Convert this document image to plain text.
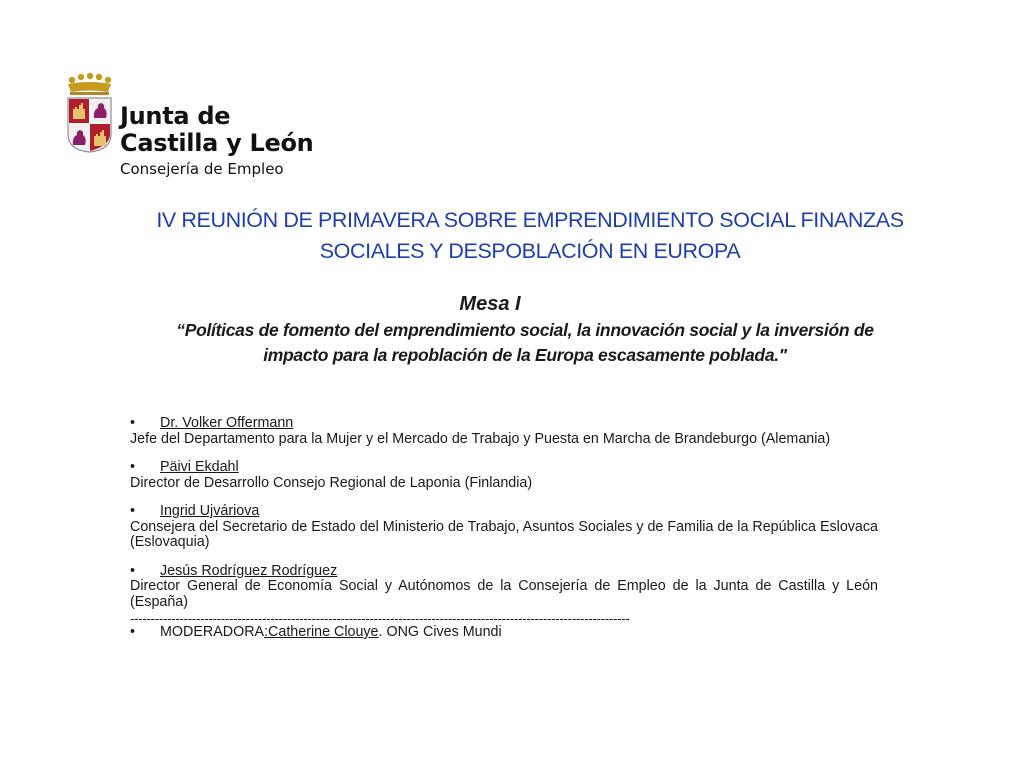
Junta de
Castilla y León
Consejería de Empleo
IV REUNIÓN DE PRIMAVERA SOBRE EMPRENDIMIENTO SOCIAL FINANZAS
SOCIALES Y DESPOBLACIÓN EN EUROPA
Mesa I
“Políticas de fomento del emprendimiento social, la innovación social y la inversión de
impacto para la repoblación de la Europa escasamente poblada."
•	Dr. Volker Offermann
Jefe del Departamento para la Mujer y el Mercado de Trabajo y Puesta en Marcha de Brandeburgo (Alemania)
•	Päivi Ekdahl
Director de Desarrollo Consejo Regional de Laponia (Finlandia)
•	Ingrid Ujváriova
Consejera del Secretario de Estado del Ministerio de Trabajo, Asuntos Sociales y de Familia de la República Eslovaca (Eslovaquia)
•	Jesús Rodríguez Rodríguez
Director General de Economía Social y Autónomos de la Consejería de Empleo de la Junta de Castilla y León (España)
-------------------------------------------------------------------------------------------------------------------------
•	MODERADORA : Catherine Clouye . ONG Cives Mundi
